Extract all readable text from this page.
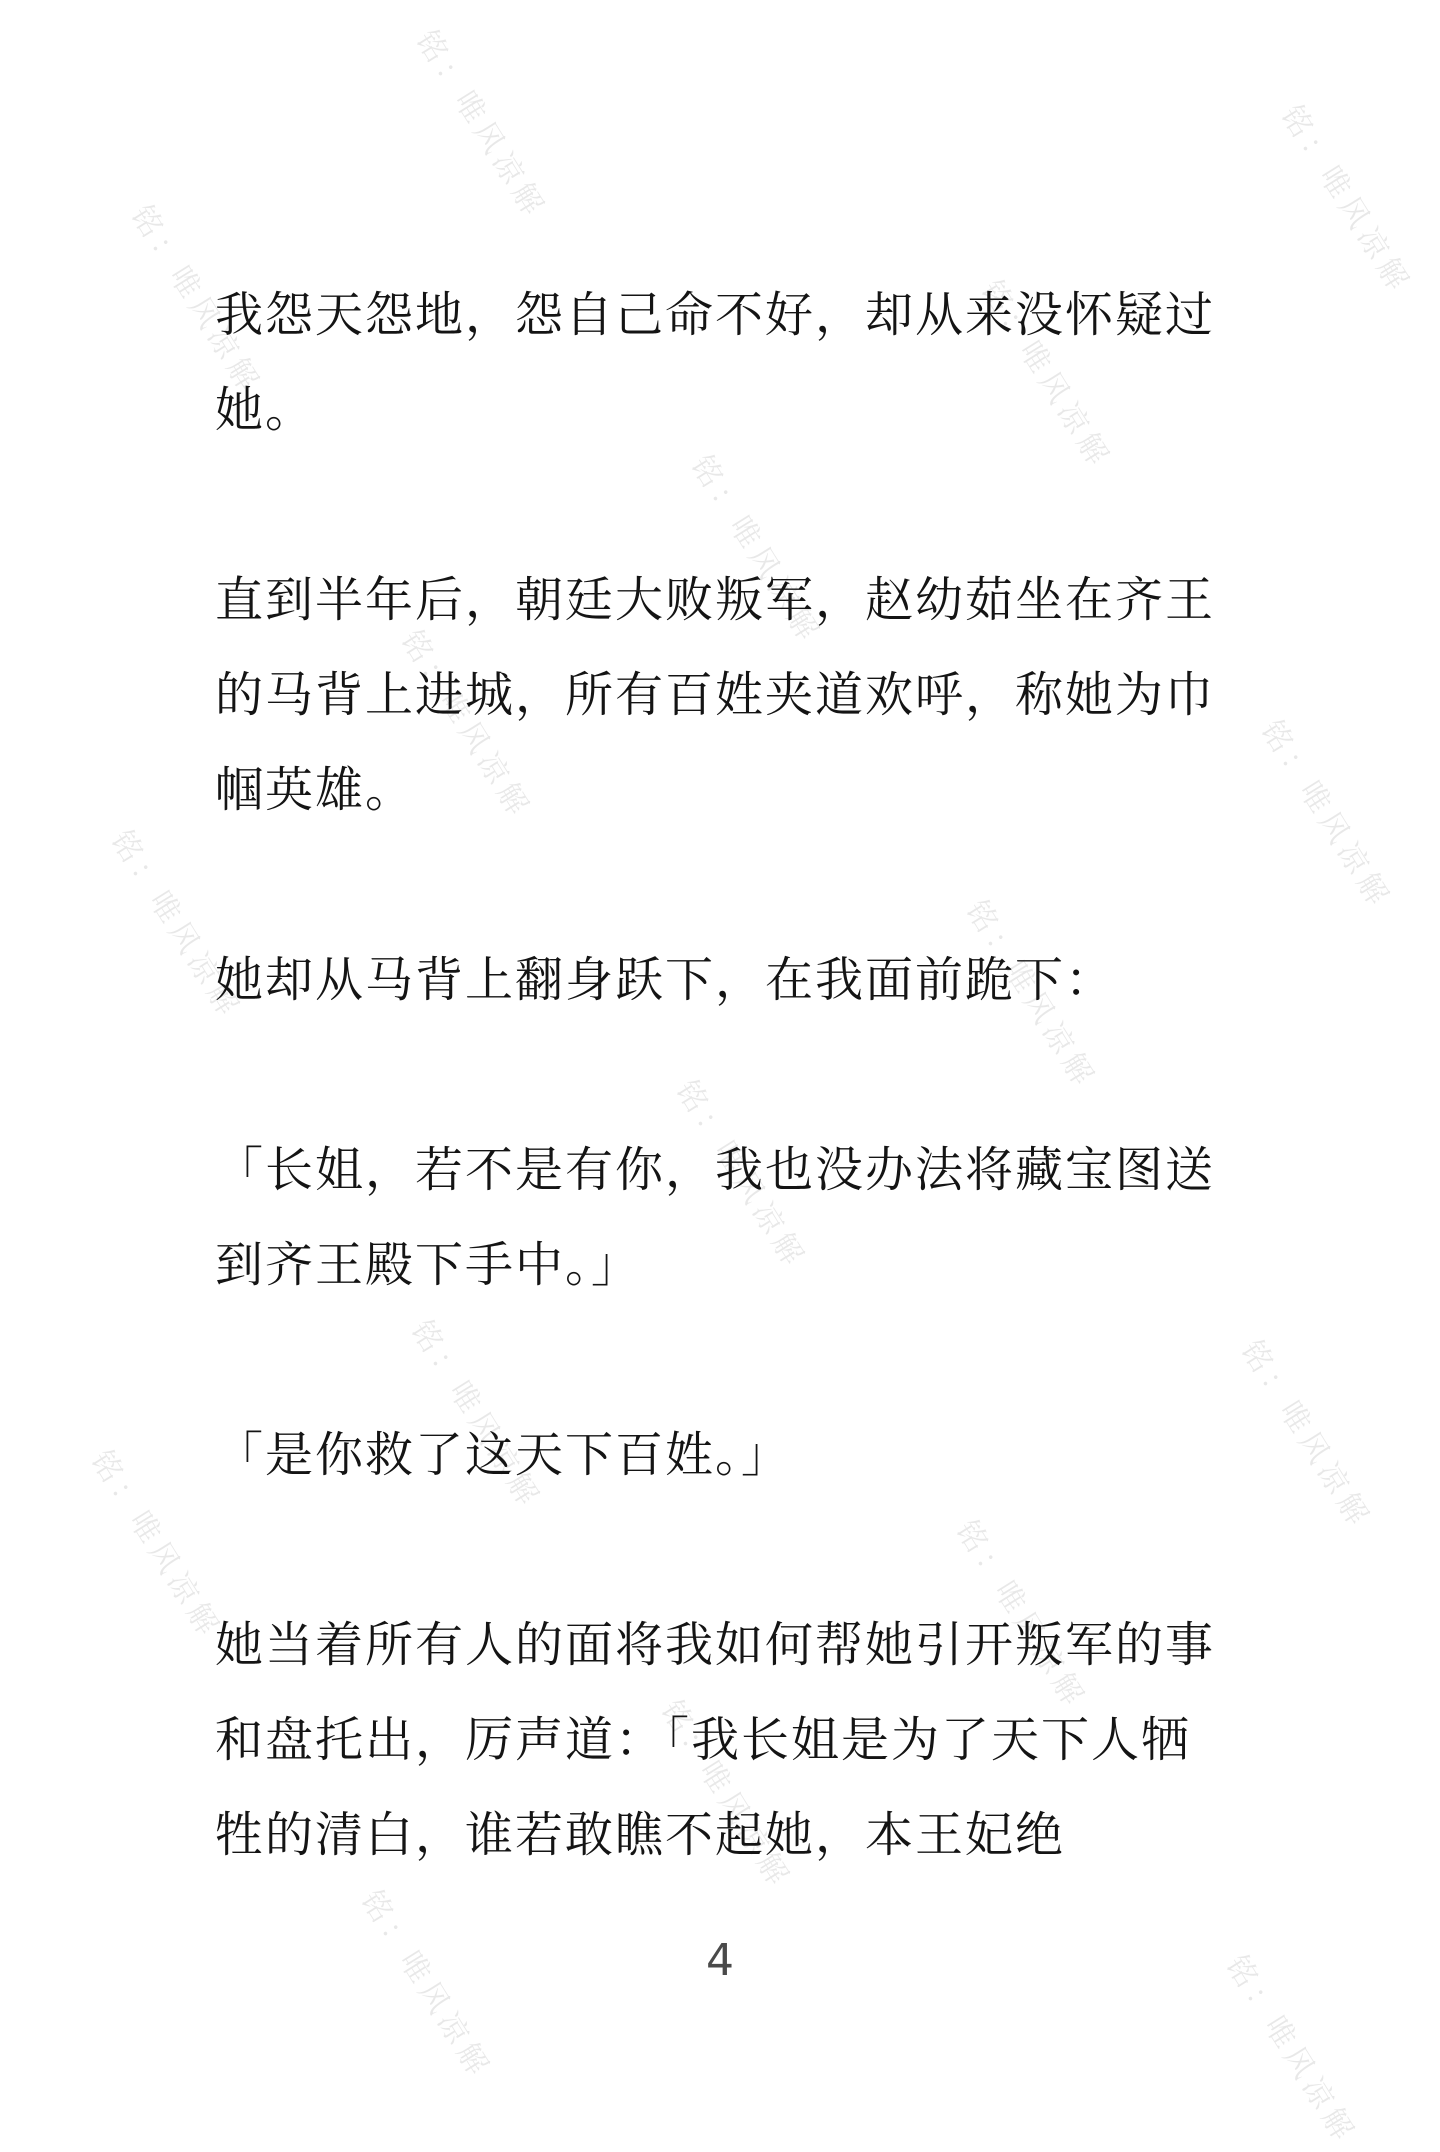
铭：唯风凉解
铭：唯风凉解	铭：唯风凉解
铭：唯风凉解
铭：唯风凉解
铭：唯风凉解	铭：唯风凉解
铭：唯风凉解	铭：唯风凉解
铭：唯风凉解
铭：唯风凉解
铭：唯风凉解
铭：唯风凉解	铭：唯风凉解
铭：唯风凉解
铭：唯风凉解	铭：唯风凉解

我怨天怨地，怨自己命不好，却从来没怀疑过她。

直到半年后，朝廷大败叛军，赵幼茹坐在齐王的马背上进城，所有百姓夹道欢呼，称她为巾帼英雄。

她却从马背上翻身跃下，在我面前跪下：

「长姐，若不是有你，我也没办法将藏宝图送到齐王殿下手中。」

「是你救了这天下百姓。」

她当着所有人的面将我如何帮她引开叛军的事和盘托出，厉声道：「我长姐是为了天下人牺牲的清白，谁若敢瞧不起她，本王妃绝

4
